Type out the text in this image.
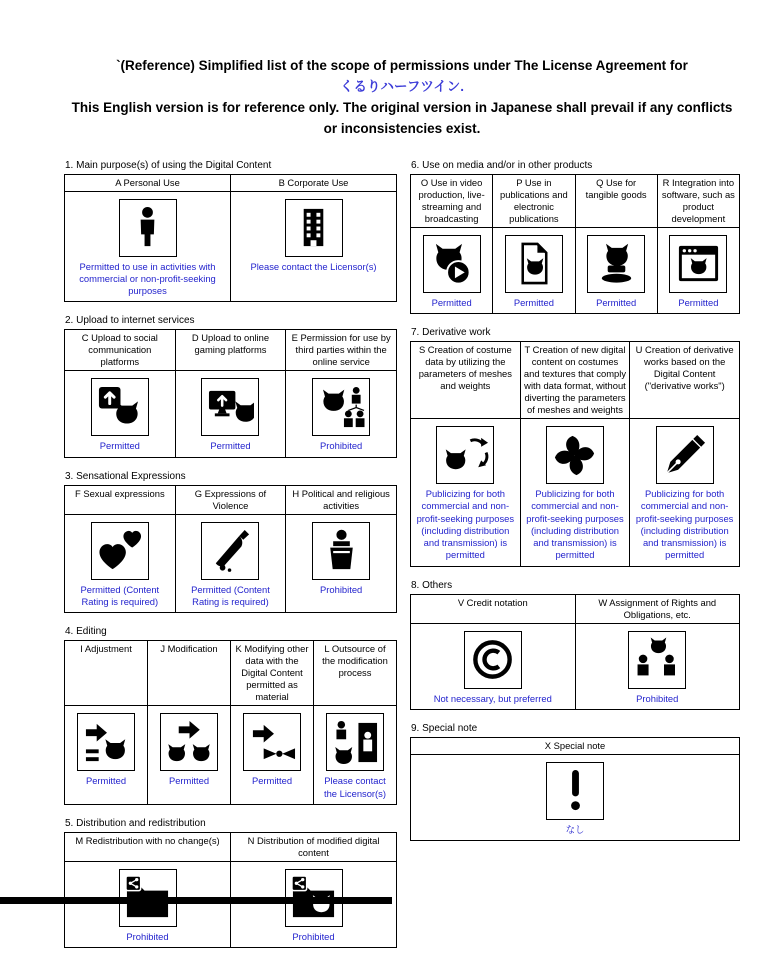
`(Reference) Simplified list of the scope of permissions under The License Agreement for
くるりハーフツイン.
This English version is for reference only. The original version in Japanese shall prevail if any conflicts or inconsistencies exist.
1. Main purpose(s) of using the Digital Content
A Personal Use	B Corporate Use

Permitted to use in activities with commercial or non-profit-seeking purposes	Please contact the Licensor(s)
2. Upload to internet services
C Upload to social communication platforms	D Upload to online gaming platforms	E Permission for use by third parties within the online service

Permitted	Permitted	Prohibited
3. Sensational Expressions
F Sexual expressions	G Expressions of Violence	H Political and religious activities

Permitted (Content Rating is required)	Permitted (Content Rating is required)	Prohibited
4. Editing
I Adjustment	J Modification	K Modifying other data with the Digital Content permitted as material	L Outsource of the modification process

Permitted	Permitted	Permitted	Please contact the Licensor(s)
5. Distribution and redistribution
M Redistribution with no change(s)	N Distribution of modified digital content

Prohibited	Prohibited
6. Use on media and/or in other products
O Use in video production, live-streaming and broadcasting	P Use in publications and electronic publications	Q Use for tangible goods	R Integration into software, such as product development

Permitted	Permitted	Permitted	Permitted
7. Derivative work
S Creation of costume data by utilizing the parameters of meshes and weights	T Creation of new digital content on costumes and textures that comply with data format, without diverting the parameters of meshes and weights	U Creation of derivative works based on the Digital Content ("derivative works")

Publicizing for both commercial and non-profit-seeking purposes (including distribution and transmission) is permitted	Publicizing for both commercial and non-profit-seeking purposes (including distribution and transmission) is permitted	Publicizing for both commercial and non-profit-seeking purposes (including distribution and transmission) is permitted
8. Others
V Credit notation	W Assignment of Rights and Obligations, etc.

Not necessary, but preferred	Prohibited
9. Special note
X Special note

なし
